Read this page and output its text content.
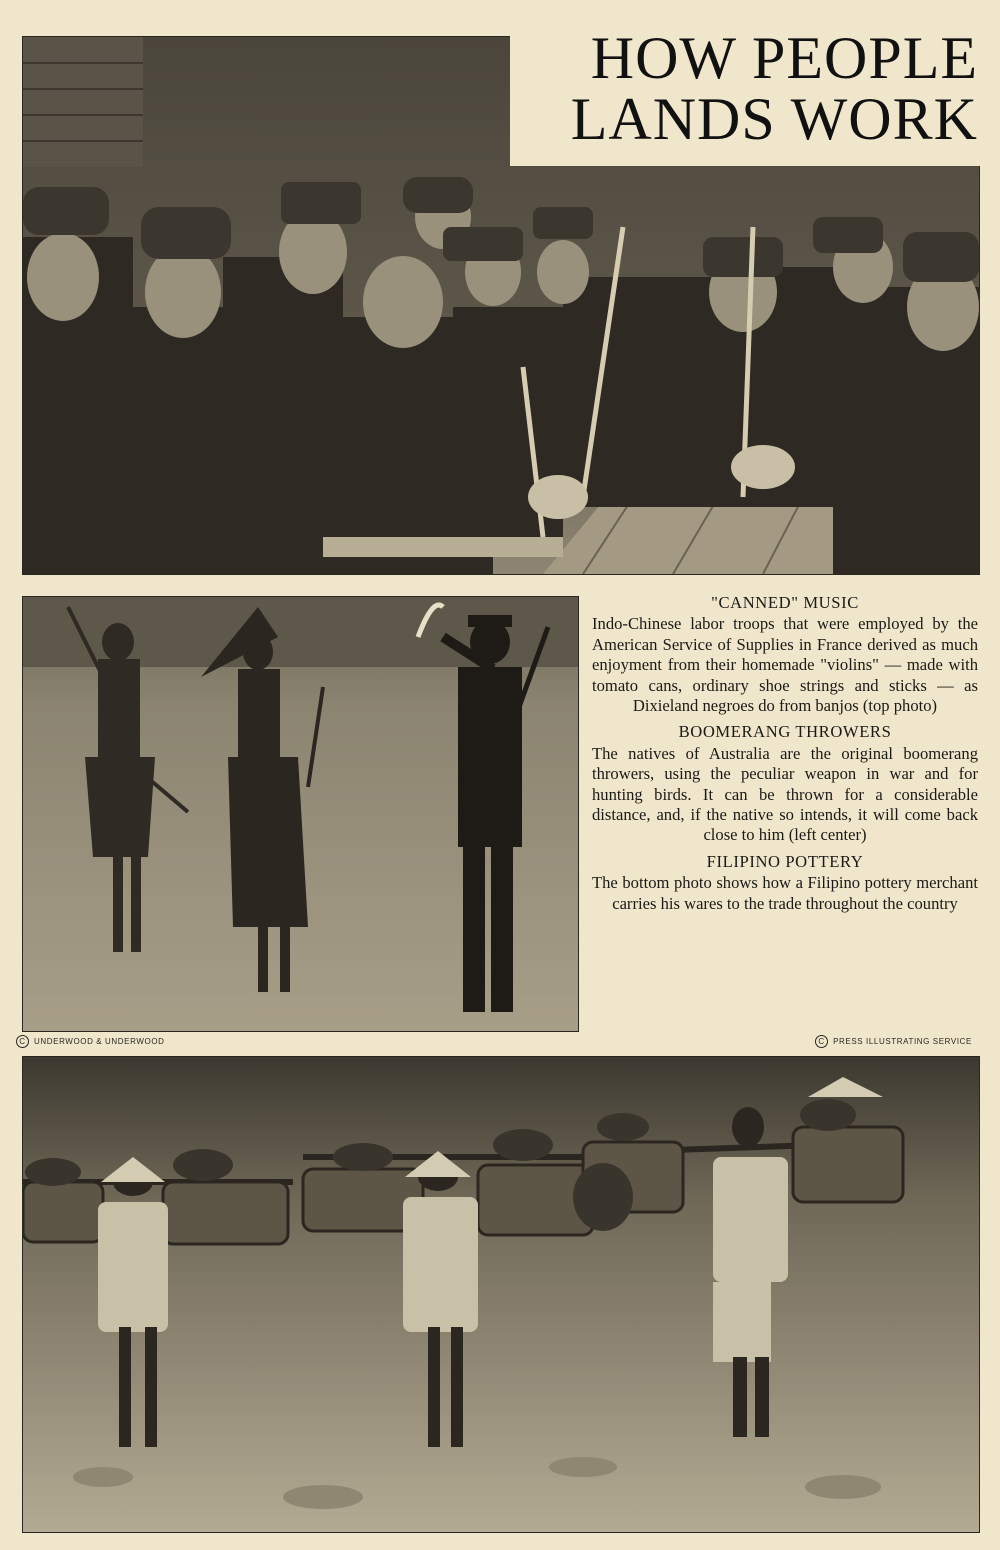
HOW PEOPLE
LANDS WORK
"CANNED" MUSIC
Indo-Chinese labor troops that were employed by the American Service of Supplies in France derived as much enjoyment from their homemade "violins" — made with tomato cans, ordinary shoe strings and sticks — as Dixieland negroes do from banjos (top photo)
BOOMERANG THROWERS
The natives of Australia are the original boomerang throwers, using the peculiar weapon in war and for hunting birds. It can be thrown for a considerable distance, and, if the native so intends, it will come back close to him (left center)
FILIPINO POTTERY
The bottom photo shows how a Filipino pottery merchant carries his wares to the trade throughout the country
C	UNDERWOOD & UNDERWOOD	C	PRESS ILLUSTRATING SERVICE
